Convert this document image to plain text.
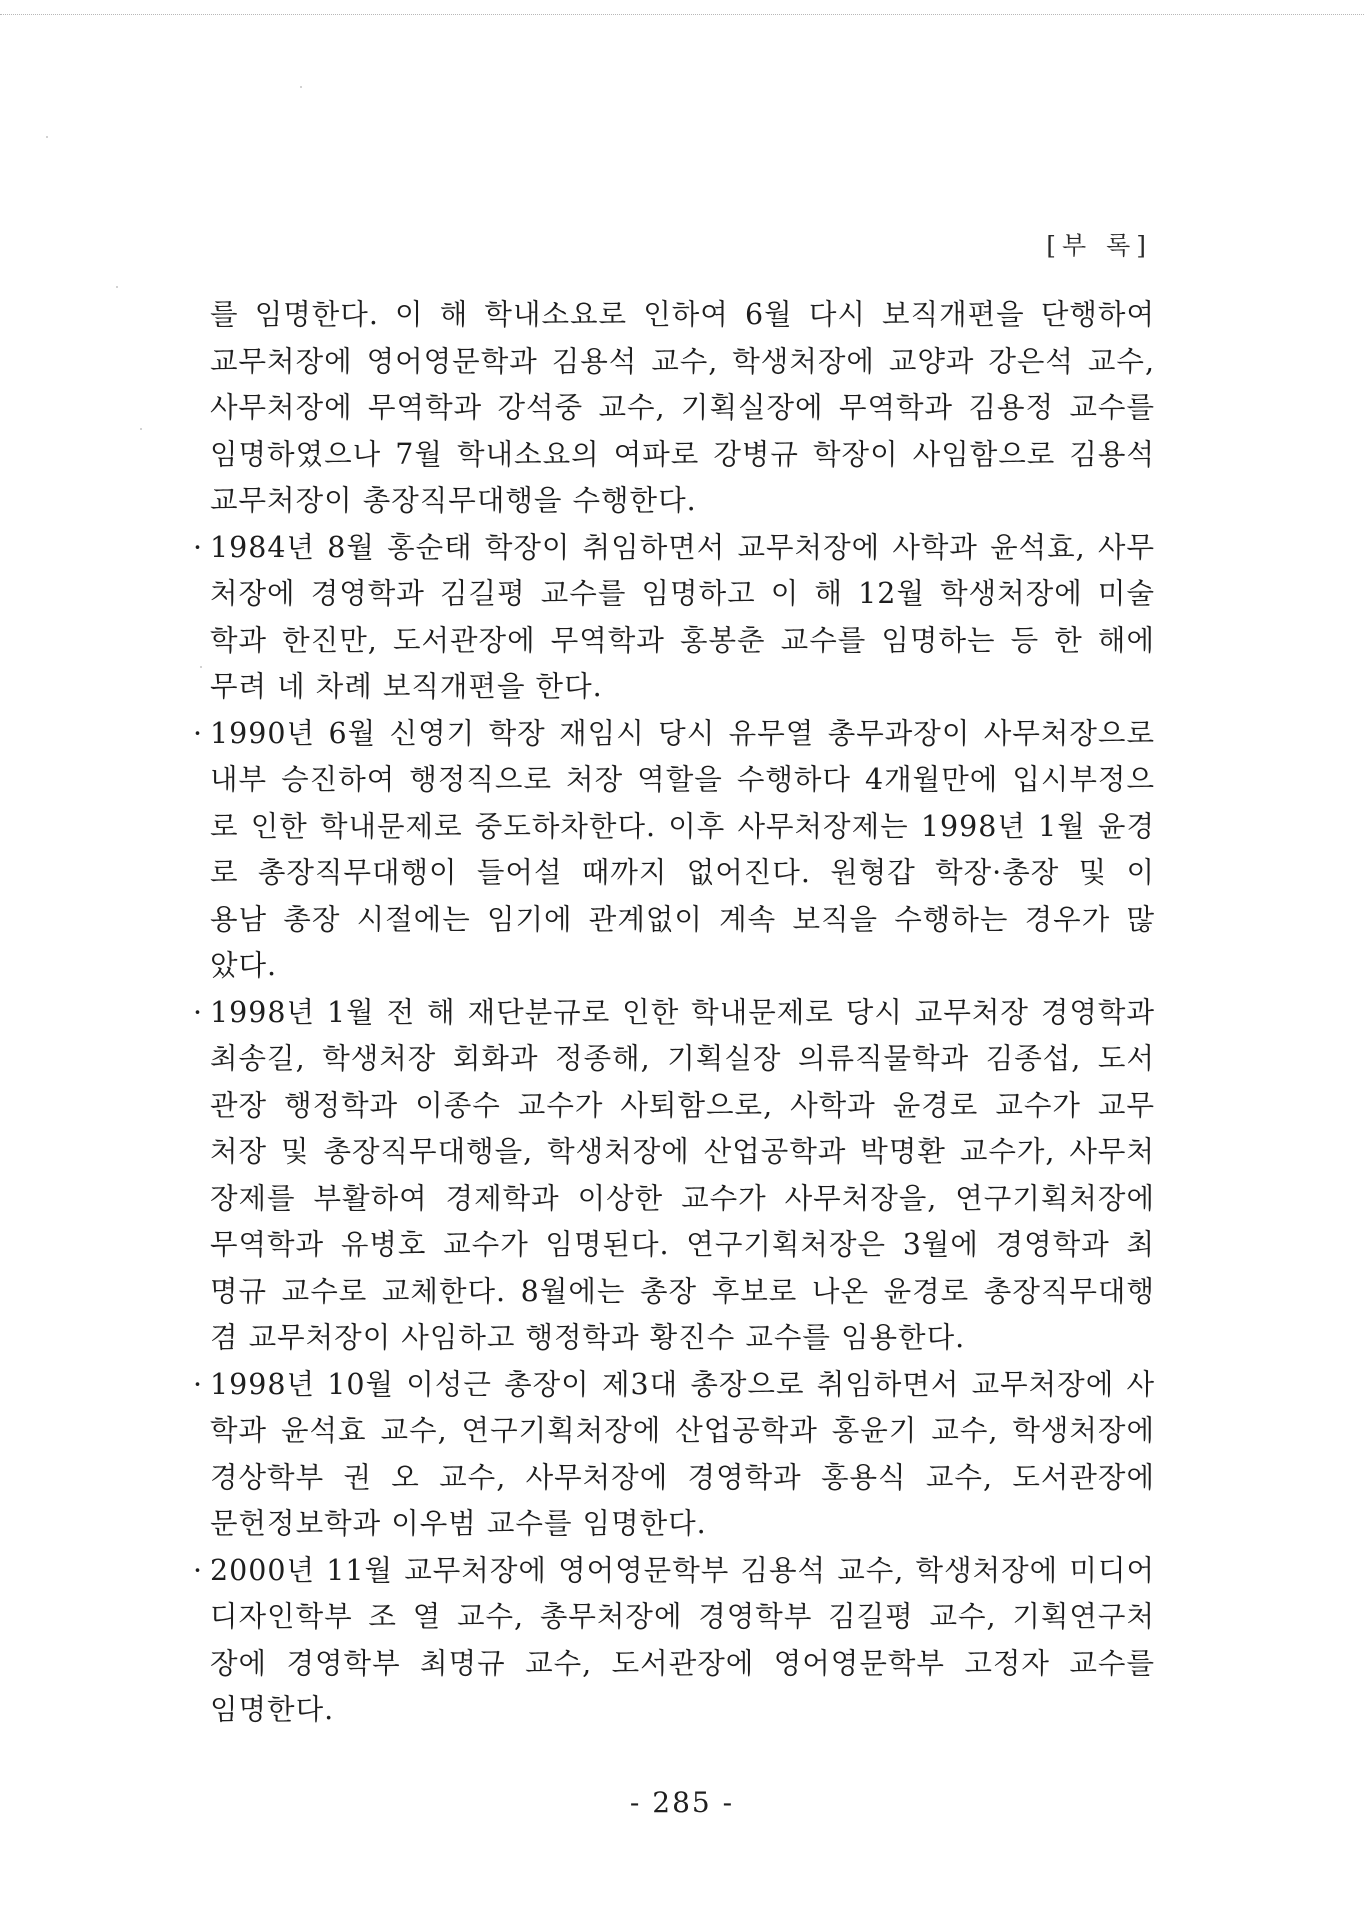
[부 록]
를 임명한다. 이 해 학내소요로 인하여 6월 다시 보직개편을 단행하여
교무처장에 영어영문학과 김용석 교수, 학생처장에 교양과 강은석 교수,
사무처장에 무역학과 강석중 교수, 기획실장에 무역학과 김용정 교수를
임명하였으나 7월 학내소요의 여파로 강병규 학장이 사임함으로 김용석
교무처장이 총장직무대행을 수행한다.
· 1984년 8월 홍순태 학장이 취임하면서 교무처장에 사학과 윤석효, 사무
처장에 경영학과 김길평 교수를 임명하고 이 해 12월 학생처장에 미술
학과 한진만, 도서관장에 무역학과 홍봉춘 교수를 임명하는 등 한 해에
무려 네 차례 보직개편을 한다.
· 1990년 6월 신영기 학장 재임시 당시 유무열 총무과장이 사무처장으로
내부 승진하여 행정직으로 처장 역할을 수행하다 4개월만에 입시부정으
로 인한 학내문제로 중도하차한다. 이후 사무처장제는 1998년 1월 윤경
로 총장직무대행이 들어설 때까지 없어진다. 원형갑 학장·총장 및 이
용남 총장 시절에는 임기에 관계없이 계속 보직을 수행하는 경우가 많
았다.
· 1998년 1월 전 해 재단분규로 인한 학내문제로 당시 교무처장 경영학과
최송길, 학생처장 회화과 정종해, 기획실장 의류직물학과 김종섭, 도서
관장 행정학과 이종수 교수가 사퇴함으로, 사학과 윤경로 교수가 교무
처장 및 총장직무대행을, 학생처장에 산업공학과 박명환 교수가, 사무처
장제를 부활하여 경제학과 이상한 교수가 사무처장을, 연구기획처장에
무역학과 유병호 교수가 임명된다. 연구기획처장은 3월에 경영학과 최
명규 교수로 교체한다. 8월에는 총장 후보로 나온 윤경로 총장직무대행
겸 교무처장이 사임하고 행정학과 황진수 교수를 임용한다.
· 1998년 10월 이성근 총장이 제3대 총장으로 취임하면서 교무처장에 사
학과 윤석효 교수, 연구기획처장에 산업공학과 홍윤기 교수, 학생처장에
경상학부 권 오 교수, 사무처장에 경영학과 홍용식 교수, 도서관장에
문헌정보학과 이우범 교수를 임명한다.
· 2000년 11월 교무처장에 영어영문학부 김용석 교수, 학생처장에 미디어
디자인학부 조 열 교수, 총무처장에 경영학부 김길평 교수, 기획연구처
장에 경영학부 최명규 교수, 도서관장에 영어영문학부 고정자 교수를
임명한다.
- 285 -
